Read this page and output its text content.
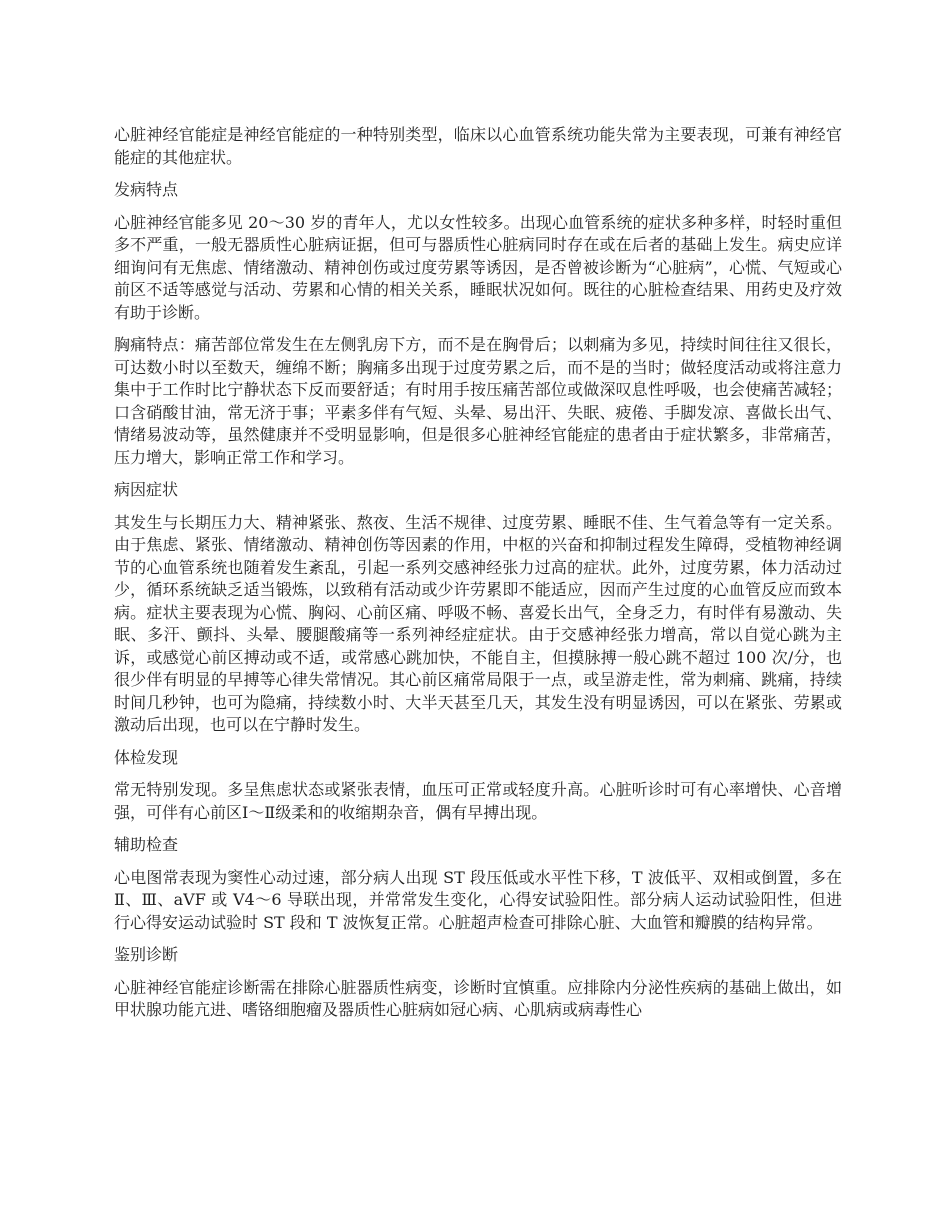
心脏神经官能症是神经官能症的一种特别类型，临床以心血管系统功能失常为主要表现，可兼有神经官能症的其他症状。

发病特点

心脏神经官能多见 20～30 岁的青年人，尤以女性较多。出现心血管系统的症状多种多样，时轻时重但多不严重，一般无器质性心脏病证据，但可与器质性心脏病同时存在或在后者的基础上发生。病史应详细询问有无焦虑、情绪激动、精神创伤或过度劳累等诱因，是否曾被诊断为“心脏病”，心慌、气短或心前区不适等感觉与活动、劳累和心情的相关关系，睡眠状况如何。既往的心脏检查结果、用药史及疗效有助于诊断。

胸痛特点：痛苦部位常发生在左侧乳房下方，而不是在胸骨后；以刺痛为多见，持续时间往往又很长，可达数小时以至数天，缠绵不断；胸痛多出现于过度劳累之后，而不是的当时；做轻度活动或将注意力集中于工作时比宁静状态下反而要舒适；有时用手按压痛苦部位或做深叹息性呼吸，也会使痛苦减轻；口含硝酸甘油，常无济于事；平素多伴有气短、头晕、易出汗、失眠、疲倦、手脚发凉、喜做长出气、情绪易波动等，虽然健康并不受明显影响，但是很多心脏神经官能症的患者由于症状繁多，非常痛苦，压力增大，影响正常工作和学习。

病因症状

其发生与长期压力大、精神紧张、熬夜、生活不规律、过度劳累、睡眠不佳、生气着急等有一定关系。由于焦虑、紧张、情绪激动、精神创伤等因素的作用，中枢的兴奋和抑制过程发生障碍，受植物神经调节的心血管系统也随着发生紊乱，引起一系列交感神经张力过高的症状。此外，过度劳累，体力活动过少，循环系统缺乏适当锻炼，以致稍有活动或少许劳累即不能适应，因而产生过度的心血管反应而致本病。症状主要表现为心慌、胸闷、心前区痛、呼吸不畅、喜爱长出气，全身乏力，有时伴有易激动、失眠、多汗、颤抖、头晕、腰腿酸痛等一系列神经症症状。由于交感神经张力增高，常以自觉心跳为主诉，或感觉心前区搏动或不适，或常感心跳加快，不能自主，但摸脉搏一般心跳不超过 100 次/分，也很少伴有明显的早搏等心律失常情况。其心前区痛常局限于一点，或呈游走性，常为刺痛、跳痛，持续时间几秒钟，也可为隐痛，持续数小时、大半天甚至几天，其发生没有明显诱因，可以在紧张、劳累或激动后出现，也可以在宁静时发生。

体检发现

常无特别发现。多呈焦虑状态或紧张表情，血压可正常或轻度升高。心脏听诊时可有心率增快、心音增强，可伴有心前区Ⅰ～Ⅱ级柔和的收缩期杂音，偶有早搏出现。

辅助检查

心电图常表现为窦性心动过速，部分病人出现 ST 段压低或水平性下移，T 波低平、双相或倒置，多在Ⅱ、Ⅲ、aVF 或 V4～6 导联出现，并常常发生变化，心得安试验阳性。部分病人运动试验阳性，但进行心得安运动试验时 ST 段和 T 波恢复正常。心脏超声检查可排除心脏、大血管和瓣膜的结构异常。

鉴别诊断

心脏神经官能症诊断需在排除心脏器质性病变，诊断时宜慎重。应排除内分泌性疾病的基础上做出，如甲状腺功能亢进、嗜铬细胞瘤及器质性心脏病如冠心病、心肌病或病毒性心
